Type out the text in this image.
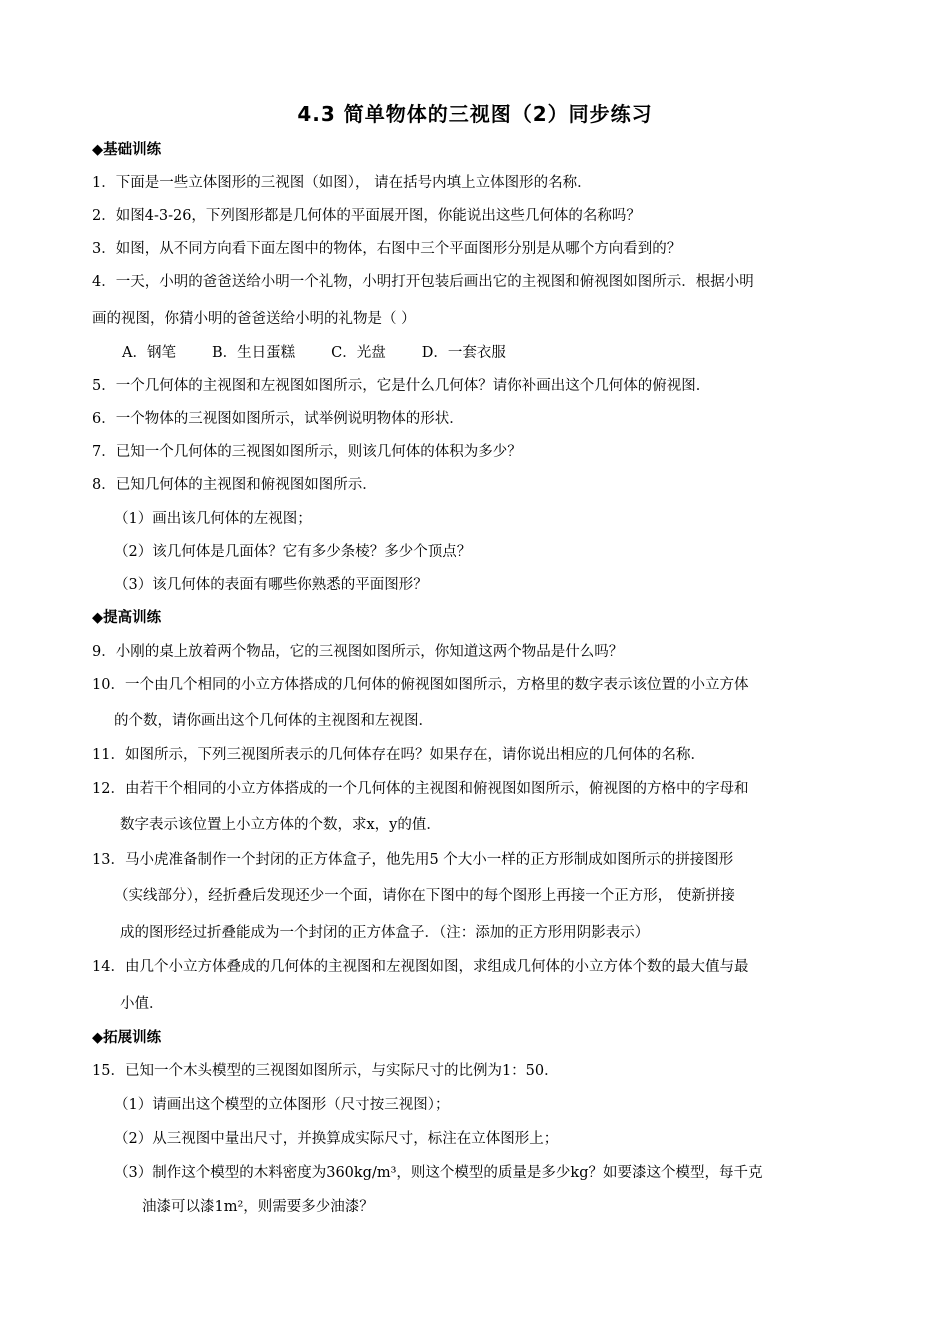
4.3 简单物体的三视图（2）同步练习
◆基础训练
1．下面是一些立体图形的三视图（如图）， 请在括号内填上立体图形的名称．
2．如图4-3-26，下列图形都是几何体的平面展开图，你能说出这些几何体的名称吗？
3．如图，从不同方向看下面左图中的物体，右图中三个平面图形分别是从哪个方向看到的？
4．一天，小明的爸爸送给小明一个礼物，小明打开包装后画出它的主视图和俯视图如图所示．根据小明
画的视图，你猜小明的爸爸送给小明的礼物是（ ）
A．钢笔 B．生日蛋糕 C．光盘 D．一套衣服
5．一个几何体的主视图和左视图如图所示，它是什么几何体？请你补画出这个几何体的俯视图．
6．一个物体的三视图如图所示，试举例说明物体的形状．
7．已知一个几何体的三视图如图所示，则该几何体的体积为多少？
8．已知几何体的主视图和俯视图如图所示．
（1）画出该几何体的左视图；
（2）该几何体是几面体？它有多少条棱？多少个顶点？
（3）该几何体的表面有哪些你熟悉的平面图形？
◆提高训练
9．小刚的桌上放着两个物品，它的三视图如图所示，你知道这两个物品是什么吗？
10．一个由几个相同的小立方体搭成的几何体的俯视图如图所示，方格里的数字表示该位置的小立方体
的个数，请你画出这个几何体的主视图和左视图．
11．如图所示，下列三视图所表示的几何体存在吗？如果存在，请你说出相应的几何体的名称．
12．由若干个相同的小立方体搭成的一个几何体的主视图和俯视图如图所示，俯视图的方格中的字母和
数字表示该位置上小立方体的个数，求x，y的值．
13．马小虎准备制作一个封闭的正方体盒子，他先用5 个大小一样的正方形制成如图所示的拼接图形
（实线部分），经折叠后发现还少一个面，请你在下图中的每个图形上再接一个正方形， 使新拼接
成的图形经过折叠能成为一个封闭的正方体盒子．（注：添加的正方形用阴影表示）
14．由几个小立方体叠成的几何体的主视图和左视图如图，求组成几何体的小立方体个数的最大值与最
小值．
◆拓展训练
15．已知一个木头模型的三视图如图所示，与实际尺寸的比例为1：50．
（1）请画出这个模型的立体图形（尺寸按三视图）；
（2）从三视图中量出尺寸，并换算成实际尺寸，标注在立体图形上；
（3）制作这个模型的木料密度为360kg/m³，则这个模型的质量是多少kg？如要漆这个模型，每千克
油漆可以漆1m²，则需要多少油漆？
